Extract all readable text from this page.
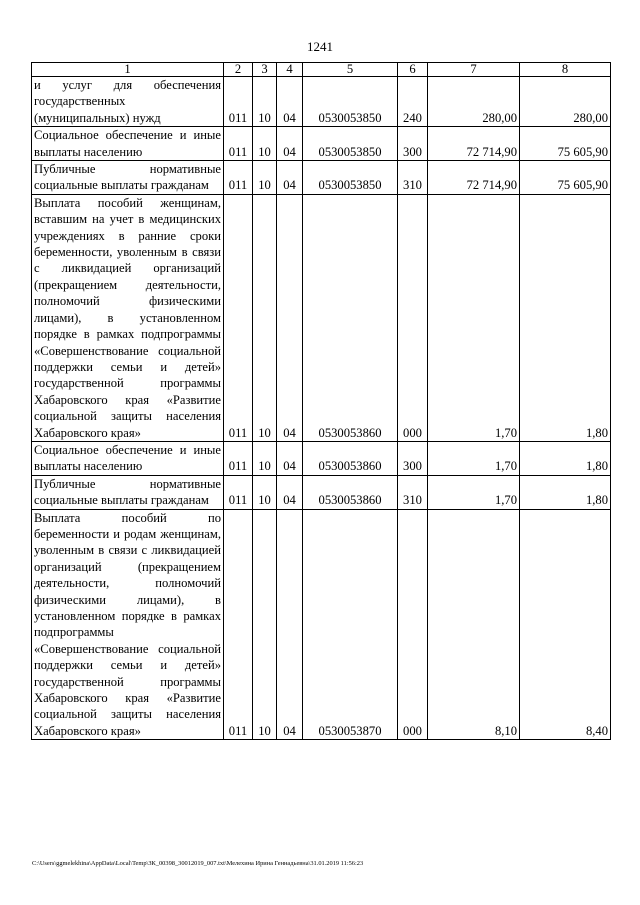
1241
1	2	3	4	5	6	7	8

и услуг для обеспечения государственных (муниципальных) нужд	011	10	04	0530053850	240	280,00	280,00

Социальное обеспечение и иные выплаты населению	011	10	04	0530053850	300	72 714,90	75 605,90

Публичные нормативные социальные выплаты гражданам	011	10	04	0530053850	310	72 714,90	75 605,90

Выплата пособий женщинам, вставшим на учет в медицинских учреждениях в ранние сроки беременности, уволенным в связи с ликвидацией организаций (прекращением деятельности, полномочий физическими лицами), в установленном порядке в рамках подпрограммы «Совершенствование социальной поддержки семьи и детей» государственной программы Хабаровского края «Развитие социальной защиты населения Хабаровского края»	011	10	04	0530053860	000	1,70	1,80

Социальное обеспечение и иные выплаты населению	011	10	04	0530053860	300	1,70	1,80

Публичные нормативные социальные выплаты гражданам	011	10	04	0530053860	310	1,70	1,80

Выплата пособий по беременности и родам женщинам, уволенным в связи с ликвидацией организаций (прекращением деятельности, полномочий физическими лицами), в установленном порядке в рамках подпрограммы «Совершенствование социальной поддержки семьи и детей» государственной программы Хабаровского края «Развитие социальной защиты населения Хабаровского края»	011	10	04	0530053870	000	8,10	8,40
C:\Users\ggmelekhina\AppData\Local\Temp\ЗК_00398_30012019_007.txt\Мелехина Ирина Геннадьевна\31.01.2019 11:56:23
